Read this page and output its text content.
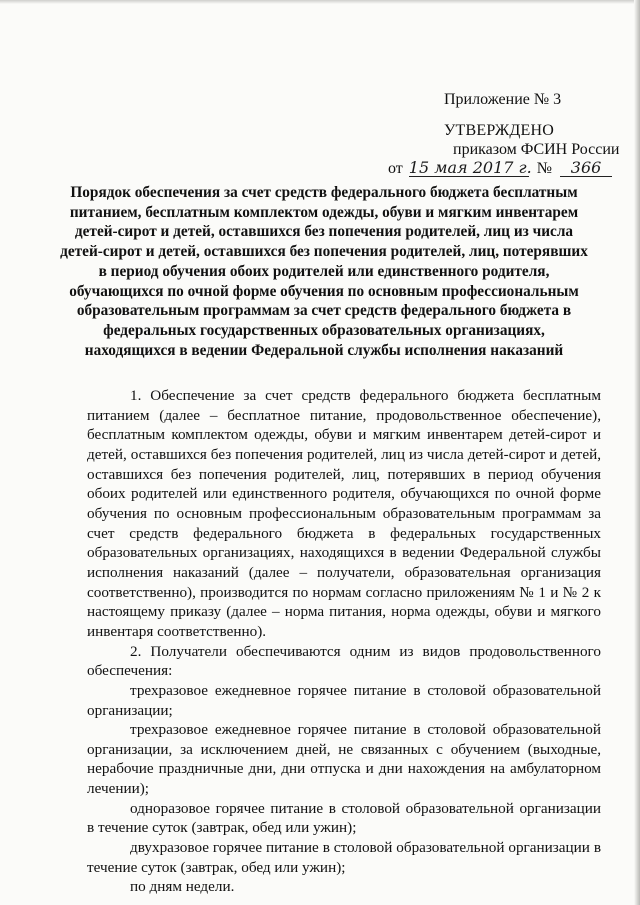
Приложение № 3
УТВЕРЖДЕНО
приказом ФСИН России
от 15 мая 2017 г. № 366
Порядок обеспечения за счет средств федерального бюджета бесплатным питанием, бесплатным комплектом одежды, обуви и мягким инвентарем детей-сирот и детей, оставшихся без попечения родителей, лиц из числа детей-сирот и детей, оставшихся без попечения родителей, лиц, потерявших в период обучения обоих родителей или единственного родителя, обучающихся по очной форме обучения по основным профессиональным образовательным программам за счет средств федерального бюджета в федеральных государственных образовательных организациях, находящихся в ведении Федеральной службы исполнения наказаний

1. Обеспечение за счет средств федерального бюджета бесплатным питанием (далее – бесплатное питание, продовольственное обеспечение), бесплатным комплектом одежды, обуви и мягким инвентарем детей-сирот и детей, оставшихся без попечения родителей, лиц из числа детей-сирот и детей, оставшихся без попечения родителей, лиц, потерявших в период обучения обоих родителей или единственного родителя, обучающихся по очной форме обучения по основным профессиональным образовательным программам за счет средств федерального бюджета в федеральных государственных образовательных организациях, находящихся в ведении Федеральной службы исполнения наказаний (далее – получатели, образовательная организация соответственно), производится по нормам согласно приложениям № 1 и № 2 к настоящему приказу (далее – норма питания, норма одежды, обуви и мягкого инвентаря соответственно).

2. Получатели обеспечиваются одним из видов продовольственного обеспечения:

трехразовое ежедневное горячее питание в столовой образовательной организации;

трехразовое ежедневное горячее питание в столовой образовательной организации, за исключением дней, не связанных с обучением (выходные, нерабочие праздничные дни, дни отпуска и дни нахождения на амбулаторном лечении);

одноразовое горячее питание в столовой образовательной организации в течение суток (завтрак, обед или ужин);

двухразовое горячее питание в столовой образовательной организации в течение суток (завтрак, обед или ужин);

по дням недели.
